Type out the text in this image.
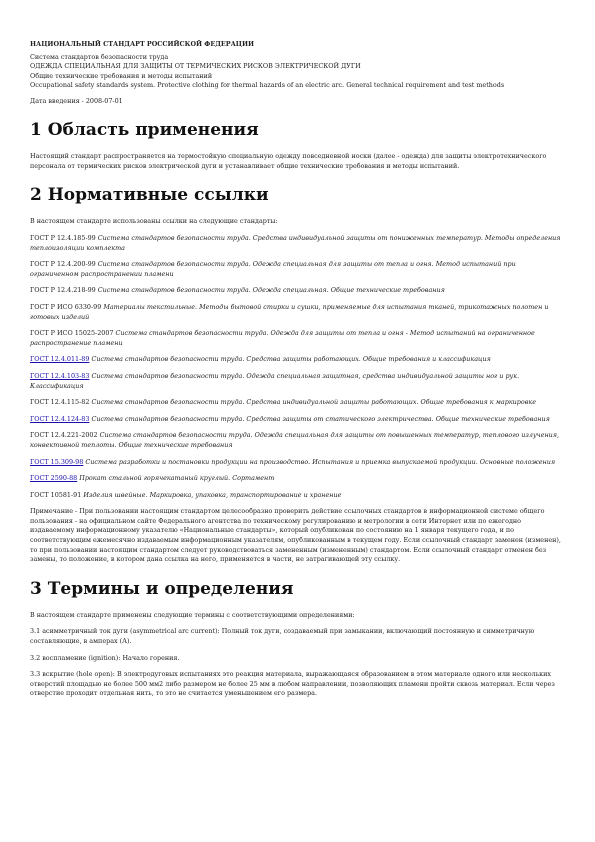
НАЦИОНАЛЬНЫЙ СТАНДАРТ РОССИЙСКОЙ ФЕДЕРАЦИИ
Система стандартов безопасности труда
ОДЕЖДА СПЕЦИАЛЬНАЯ ДЛЯ ЗАЩИТЫ ОТ ТЕРМИЧЕСКИХ РИСКОВ ЭЛЕКТРИЧЕСКОЙ ДУГИ
Общие технические требования и методы испытаний
Occupational safety standards system. Protective clothing for thermal hazards of an electric arc. General technical requirement and test methods
Дата введения - 2008-07-01
1 Область применения

Настоящий стандарт распространяется на термостойкую специальную одежду повседневной носки (далее - одежда) для защиты электротехнического персонала от термических рисков электрической дуги и устанавливает общие технические требования и методы испытаний.

2 Нормативные ссылки

В настоящем стандарте использованы ссылки на следующие стандарты:

ГОСТ Р 12.4.185-99 Система стандартов безопасности труда. Средства индивидуальной защиты от пониженных температур. Методы определения теплоизоляции комплекта

ГОСТ Р 12.4.200-99 Система стандартов безопасности труда. Одежда специальная для защиты от тепла и огня. Метод испытаний при ограниченном распространении пламени

ГОСТ Р 12.4.218-99 Система стандартов безопасности труда. Одежда специальная. Общие технические требования

ГОСТ Р ИСО 6330-99 Материалы текстильные. Методы бытовой стирки и сушки, применяемые для испытания тканей, трикотажных полотен и готовых изделий

ГОСТ Р ИСО 15025-2007 Система стандартов безопасности труда. Одежда для защиты от тепла и огня - Метод испытаний на ограниченное распространение пламени

ГОСТ 12.4.011-89 Система стандартов безопасности труда. Средства защиты работающих. Общие требования и классификация

ГОСТ 12.4.103-83 Система стандартов безопасности труда. Одежда специальная защитная, средства индивидуальной защиты ног и рук. Классификация

ГОСТ 12.4.115-82 Система стандартов безопасности труда. Средства индивидуальной защиты работающих. Общие требования к маркировке

ГОСТ 12.4.124-83 Система стандартов безопасности труда. Средства защиты от статического электричества. Общие технические требования

ГОСТ 12.4.221-2002 Система стандартов безопасности труда. Одежда специальная для защиты от повышенных температур, теплового излучения, конвективной теплоты. Общие технические требования

ГОСТ 15.309-98 Система разработки и постановки продукции на производство. Испытания и приемка выпускаемой продукции. Основные положения

ГОСТ 2590-88 Прокат стальной горячекатаный круглый. Сортамент

ГОСТ 10581-91 Изделия швейные. Маркировка, упаковка, транспортирование и хранение

Примечание - При пользовании настоящим стандартом целесообразно проверить действие ссылочных стандартов в информационной системе общего пользования - на официальном сайте Федерального агентства по техническому регулированию и метрологии в сети Интернет или по ежегодно издаваемому информационному указателю «Национальные стандарты», который опубликован по состоянию на 1 января текущего года, и по соответствующим ежемесячно издаваемым информационным указателям, опубликованным в текущем году. Если ссылочный стандарт заменен (изменен), то при пользовании настоящим стандартом следует руководствоваться замененным (измененным) стандартом. Если ссылочный стандарт отменен без замены, то положение, в котором дана ссылка на него, применяется в части, не затрагивающей эту ссылку.

3 Термины и определения

В настоящем стандарте применены следующие термины с соответствующими определениями:

3.1 асимметричный ток дуги (asymmetrical arc current): Полный ток дуги, создаваемый при замыкании, включающий постоянную и симметричную составляющие, в амперах (А).

3.2 воспламение (ignition): Начало горения.

3.3 вскрытие (hole open): В электродуговых испытаниях это реакция материала, выражающаяся образованием в этом материале одного или нескольких отверстий площадью не более 500 мм2 либо размером не более 25 мм в любом направлении, позволяющих пламени пройти сквозь материал. Если через отверстие проходит отдельная нить, то это не считается уменьшением его размера.
